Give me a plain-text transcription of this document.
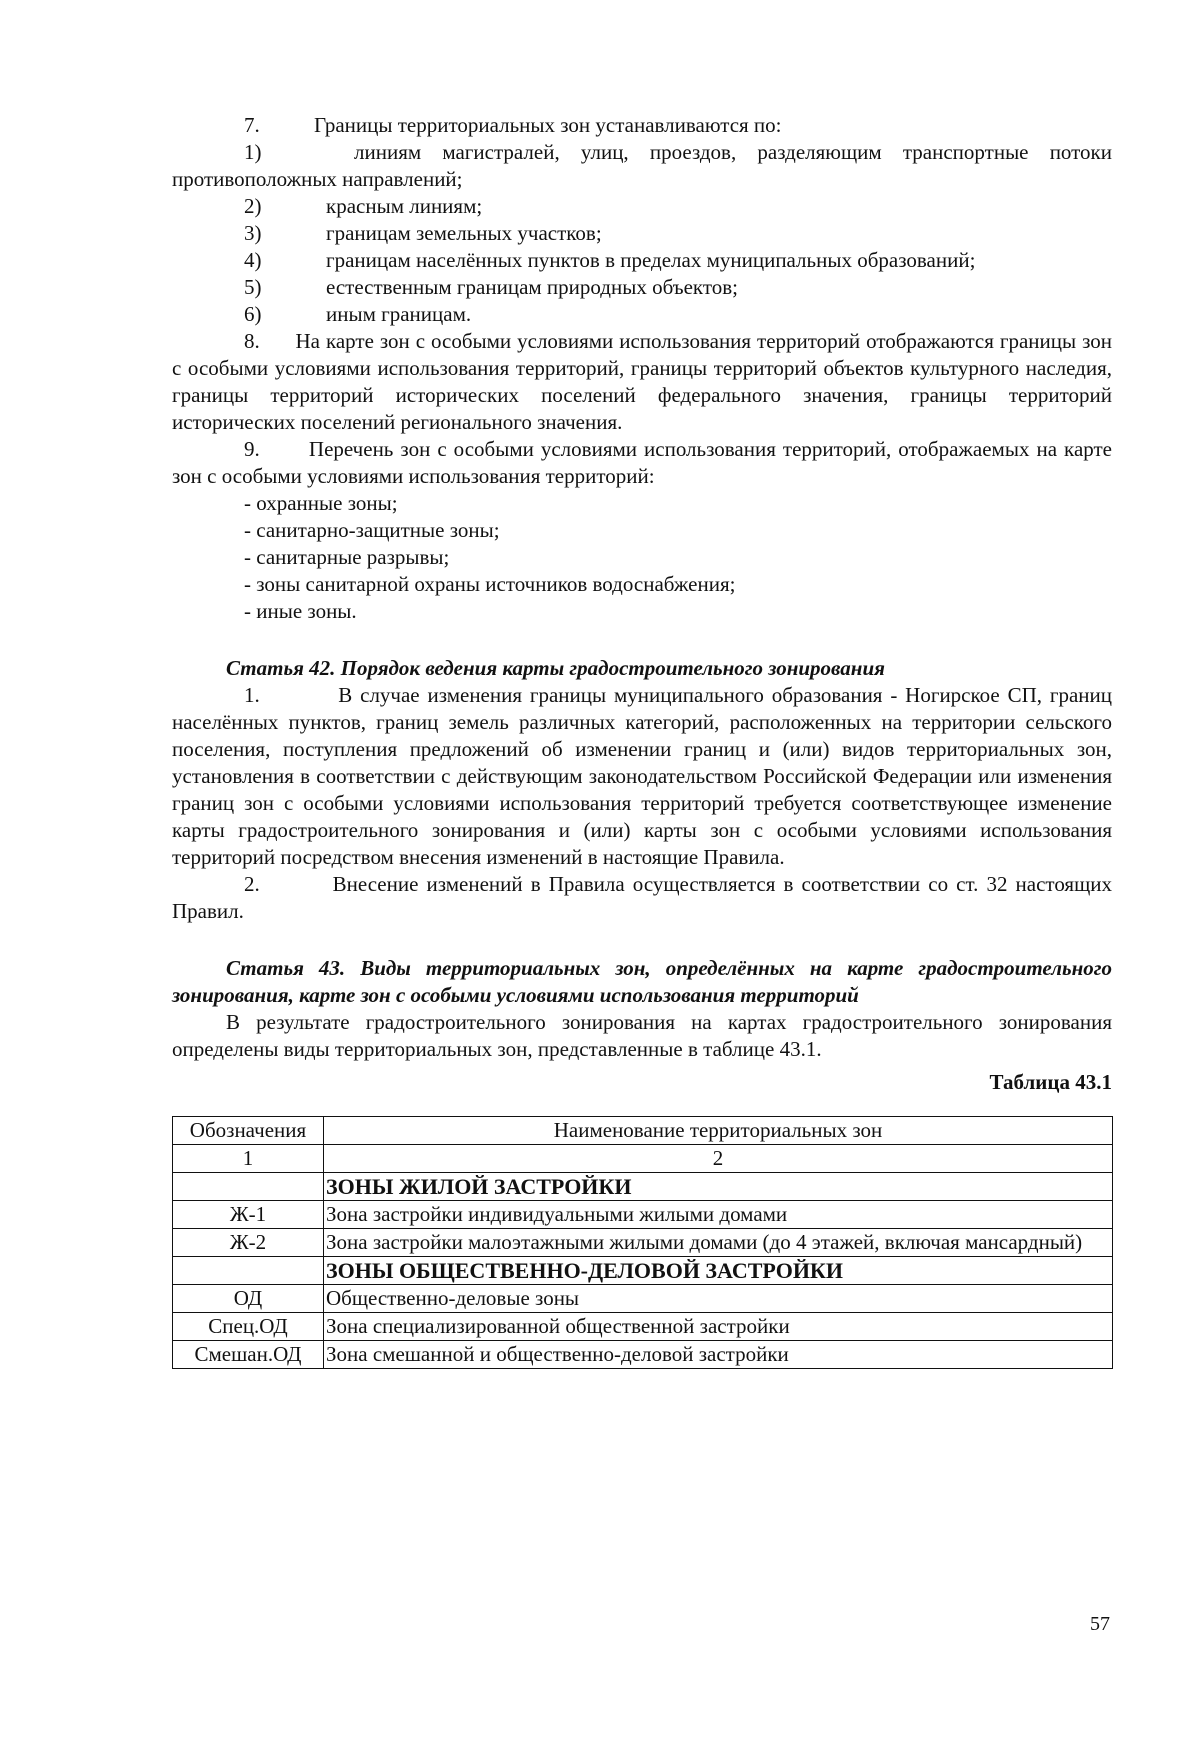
7.	Границы территориальных зон устанавливаются по:

1)	линиям магистралей, улиц, проездов, разделяющим транспортные потоки противоположных направлений;

2)	красным линиям;
3)	границам земельных участков;
4)	границам населённых пунктов в пределах муниципальных образований;
5)	естественным границам природных объектов;
6)	иным границам.

8.      На карте зон с особыми условиями использования территорий отображаются границы зон с особыми условиями использования территорий, границы территорий объектов культурного наследия, границы территорий исторических поселений федерального значения, границы территорий исторических поселений регионального значения.

9.       Перечень зон с особыми условиями использования территорий, отображаемых на карте зон с особыми условиями использования территорий:

- охранные зоны;

- санитарно-защитные зоны;

- санитарные разрывы;

- зоны санитарной охраны источников водоснабжения;

- иные зоны.

Статья 42. Порядок ведения карты градостроительного зонирования

1.          В случае изменения границы муниципального образования - Ногирское СП, границ населённых пунктов, границ земель различных категорий, расположенных на территории сельского поселения, поступления предложений об изменении границ и (или) видов территориальных зон, установления в соответствии с действующим законодательством Российской Федерации или изменения границ зон с особыми условиями использования территорий требуется соответствующее изменение карты градостроительного зонирования и (или) карты зон с особыми условиями использования территорий посредством внесения изменений в настоящие Правила.

2.         Внесение изменений в Правила осуществляется в соответствии со ст. 32 настоящих Правил.

Статья 43. Виды территориальных зон, определённых на карте градостроительного зонирования, карте зон с особыми условиями использования территорий

В результате градостроительного зонирования на картах градостроительного зонирования определены виды территориальных зон, представленные в таблице 43.1.

Таблица 43.1

Обозначения	Наименование территориальных зон
1	2
	ЗОНЫ ЖИЛОЙ ЗАСТРОЙКИ
Ж-1	Зона застройки индивидуальными жилыми домами
Ж-2	Зона застройки малоэтажными жилыми домами (до 4 этажей, включая мансардный)
	ЗОНЫ ОБЩЕСТВЕННО-ДЕЛОВОЙ ЗАСТРОЙКИ
ОД	Общественно-деловые зоны
Спец.ОД	Зона специализированной общественной застройки
Смешан.ОД	Зона смешанной и общественно-деловой застройки
57
